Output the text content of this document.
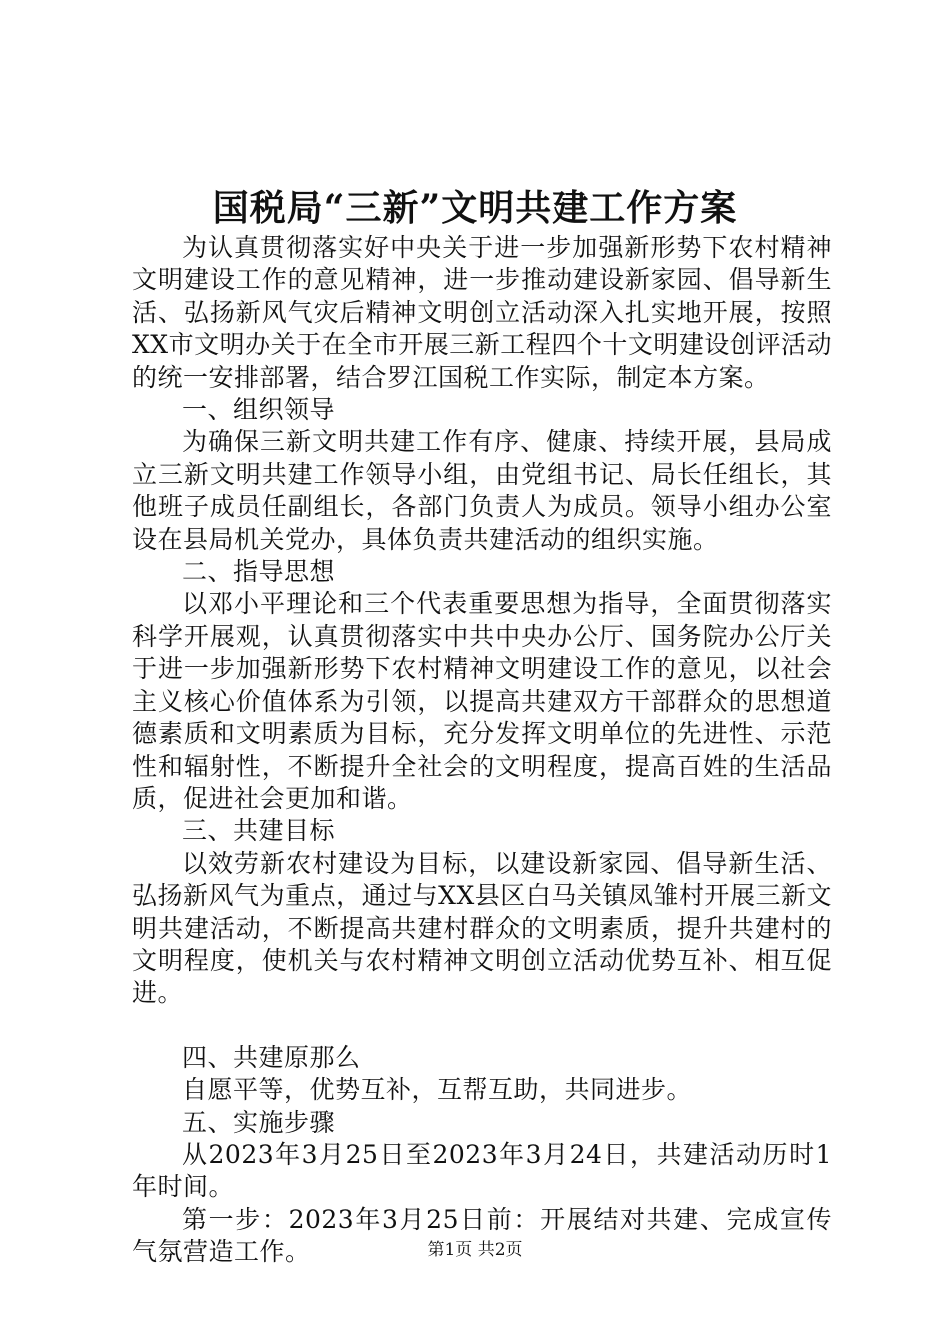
国税局“三新”文明共建工作方案

为认真贯彻落实好中央关于进一步加强新形势下农村精神文明建设工作的意见精神，进一步推动建设新家园、倡导新生活、弘扬新风气灾后精神文明创立活动深入扎实地开展，按照XX市文明办关于在全市开展三新工程四个十文明建设创评活动的统一安排部署，结合罗江国税工作实际，制定本方案。

一、组织领导

为确保三新文明共建工作有序、健康、持续开展，县局成立三新文明共建工作领导小组，由党组书记、局长任组长，其他班子成员任副组长，各部门负责人为成员。领导小组办公室设在县局机关党办，具体负责共建活动的组织实施。

二、指导思想

以邓小平理论和三个代表重要思想为指导，全面贯彻落实科学开展观，认真贯彻落实中共中央办公厅、国务院办公厅关于进一步加强新形势下农村精神文明建设工作的意见，以社会主义核心价值体系为引领，以提高共建双方干部群众的思想道德素质和文明素质为目标，充分发挥文明单位的先进性、示范性和辐射性，不断提升全社会的文明程度，提高百姓的生活品质，促进社会更加和谐。

三、共建目标

以效劳新农村建设为目标，以建设新家园、倡导新生活、弘扬新风气为重点，通过与XX县区白马关镇凤雏村开展三新文明共建活动，不断提高共建村群众的文明素质，提升共建村的文明程度，使机关与农村精神文明创立活动优势互补、相互促进。

四、共建原那么

自愿平等，优势互补，互帮互助，共同进步。

五、实施步骤

从2023年3月25日至2023年3月24日，共建活动历时1年时间。

第一步：2023年3月25日前：开展结对共建、完成宣传气氛营造工作。	第1页 共2页
